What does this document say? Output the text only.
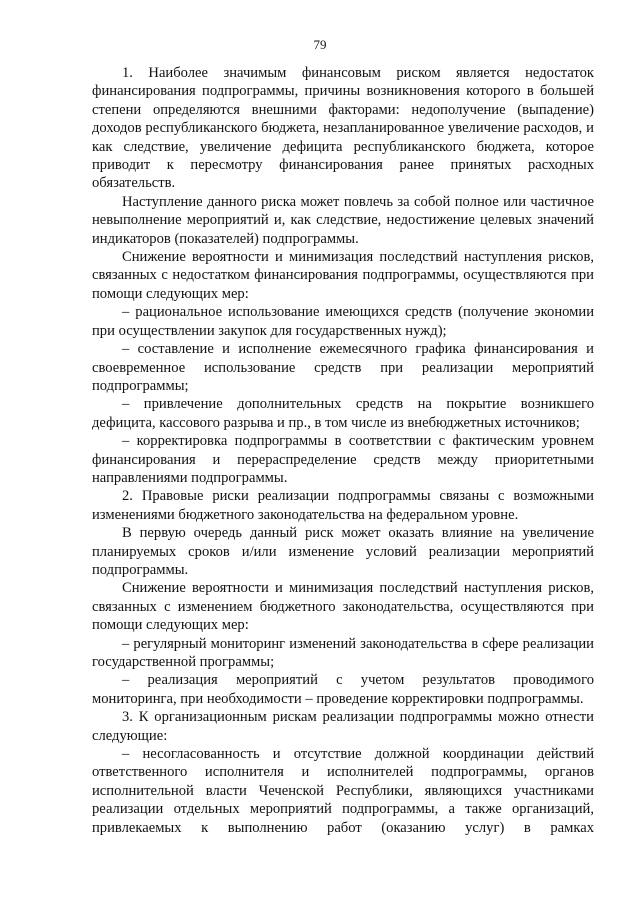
79

1. Наиболее значимым финансовым риском является недостаток финансирования подпрограммы, причины возникновения которого в большей степени определяются внешними факторами: недополучение (выпадение) доходов республиканского бюджета, незапланированное увеличение расходов, и как следствие, увеличение дефицита республиканского бюджета, которое приводит к пересмотру финансирования ранее принятых расходных обязательств.

Наступление данного риска может повлечь за собой полное или частичное невыполнение мероприятий и, как следствие, недостижение целевых значений индикаторов (показателей) подпрограммы.

Снижение вероятности и минимизация последствий наступления рисков, связанных с недостатком финансирования подпрограммы, осуществляются при помощи следующих мер:

– рациональное использование имеющихся средств (получение экономии при осуществлении закупок для государственных нужд);

– составление и исполнение ежемесячного графика финансирования и своевременное использование средств при реализации мероприятий подпрограммы;

– привлечение дополнительных средств на покрытие возникшего дефицита, кассового разрыва и пр., в том числе из внебюджетных источников;

– корректировка подпрограммы в соответствии с фактическим уровнем финансирования и перераспределение средств между приоритетными направлениями подпрограммы.

2. Правовые риски реализации подпрограммы связаны с возможными изменениями бюджетного законодательства на федеральном уровне.

В первую очередь данный риск может оказать влияние на увеличение планируемых сроков и/или изменение условий реализации мероприятий подпрограммы.

Снижение вероятности и минимизация последствий наступления рисков, связанных с изменением бюджетного законодательства, осуществляются при помощи следующих мер:

– регулярный мониторинг изменений законодательства в сфере реализации государственной программы;

– реализация мероприятий с учетом результатов проводимого мониторинга, при необходимости – проведение корректировки подпрограммы.

3. К организационным рискам реализации подпрограммы можно отнести следующие:

– несогласованность и отсутствие должной координации действий ответственного исполнителя и исполнителей подпрограммы, органов исполнительной власти Чеченской Республики, являющихся участниками реализации отдельных мероприятий подпрограммы, а также организаций, привлекаемых к выполнению работ (оказанию услуг) в рамках
